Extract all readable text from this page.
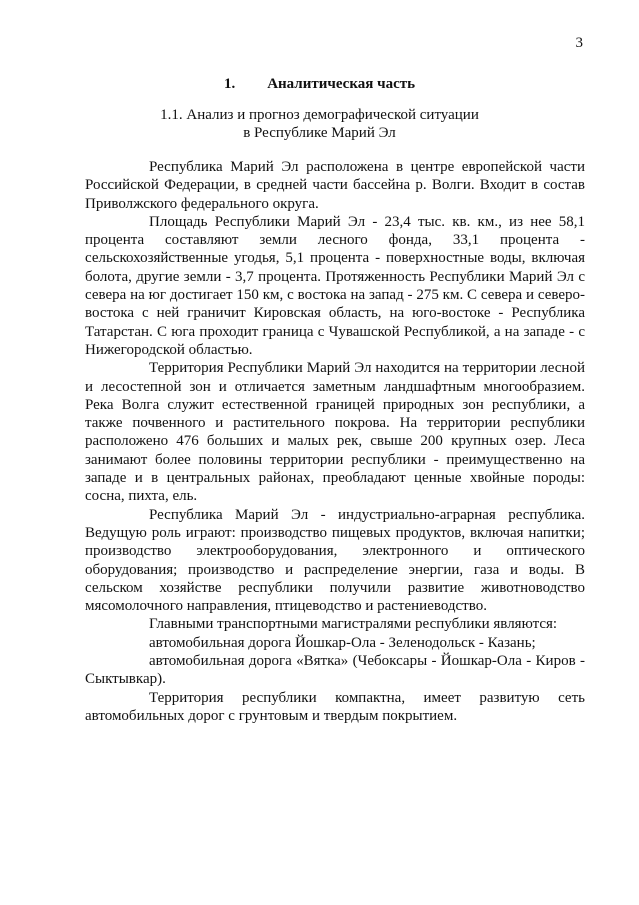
3
1. Аналитическая часть
1.1. Анализ и прогноз демографической ситуации
в Республике Марий Эл

Республика Марий Эл расположена в центре европейской части Российской Федерации, в средней части бассейна р. Волги. Входит в состав Приволжского федерального округа.

Площадь Республики Марий Эл - 23,4 тыс. кв. км., из нее 58,1 процента составляют земли лесного фонда, 33,1 процента - сельскохозяйственные угодья, 5,1 процента - поверхностные воды, включая болота, другие земли - 3,7 процента. Протяженность Республики Марий Эл с севера на юг достигает 150 км, с востока на запад - 275 км. С севера и северо-востока с ней граничит Кировская область, на юго-востоке - Республика Татарстан. С юга проходит граница с Чувашской Республикой, а на западе - с Нижегородской областью.

Территория Республики Марий Эл находится на территории лесной и лесостепной зон и отличается заметным ландшафтным многообразием. Река Волга служит естественной границей природных зон республики, а также почвенного и растительного покрова. На территории республики расположено 476 больших и малых рек, свыше 200 крупных озер. Леса занимают более половины территории республики - преимущественно на западе и в центральных районах, преобладают ценные хвойные породы: сосна, пихта, ель.

Республика Марий Эл - индустриально-аграрная республика. Ведущую роль играют: производство пищевых продуктов, включая напитки; производство электрооборудования, электронного и оптического оборудования; производство и распределение энергии, газа и воды. В сельском хозяйстве республики получили развитие животноводство мясомолочного направления, птицеводство и растениеводство.

Главными транспортными магистралями республики являются:

автомобильная дорога Йошкар-Ола - Зеленодольск - Казань;

автомобильная дорога «Вятка» (Чебоксары - Йошкар-Ола - Киров - Сыктывкар).

Территория республики компактна, имеет развитую сеть автомобильных дорог с грунтовым и твердым покрытием.
